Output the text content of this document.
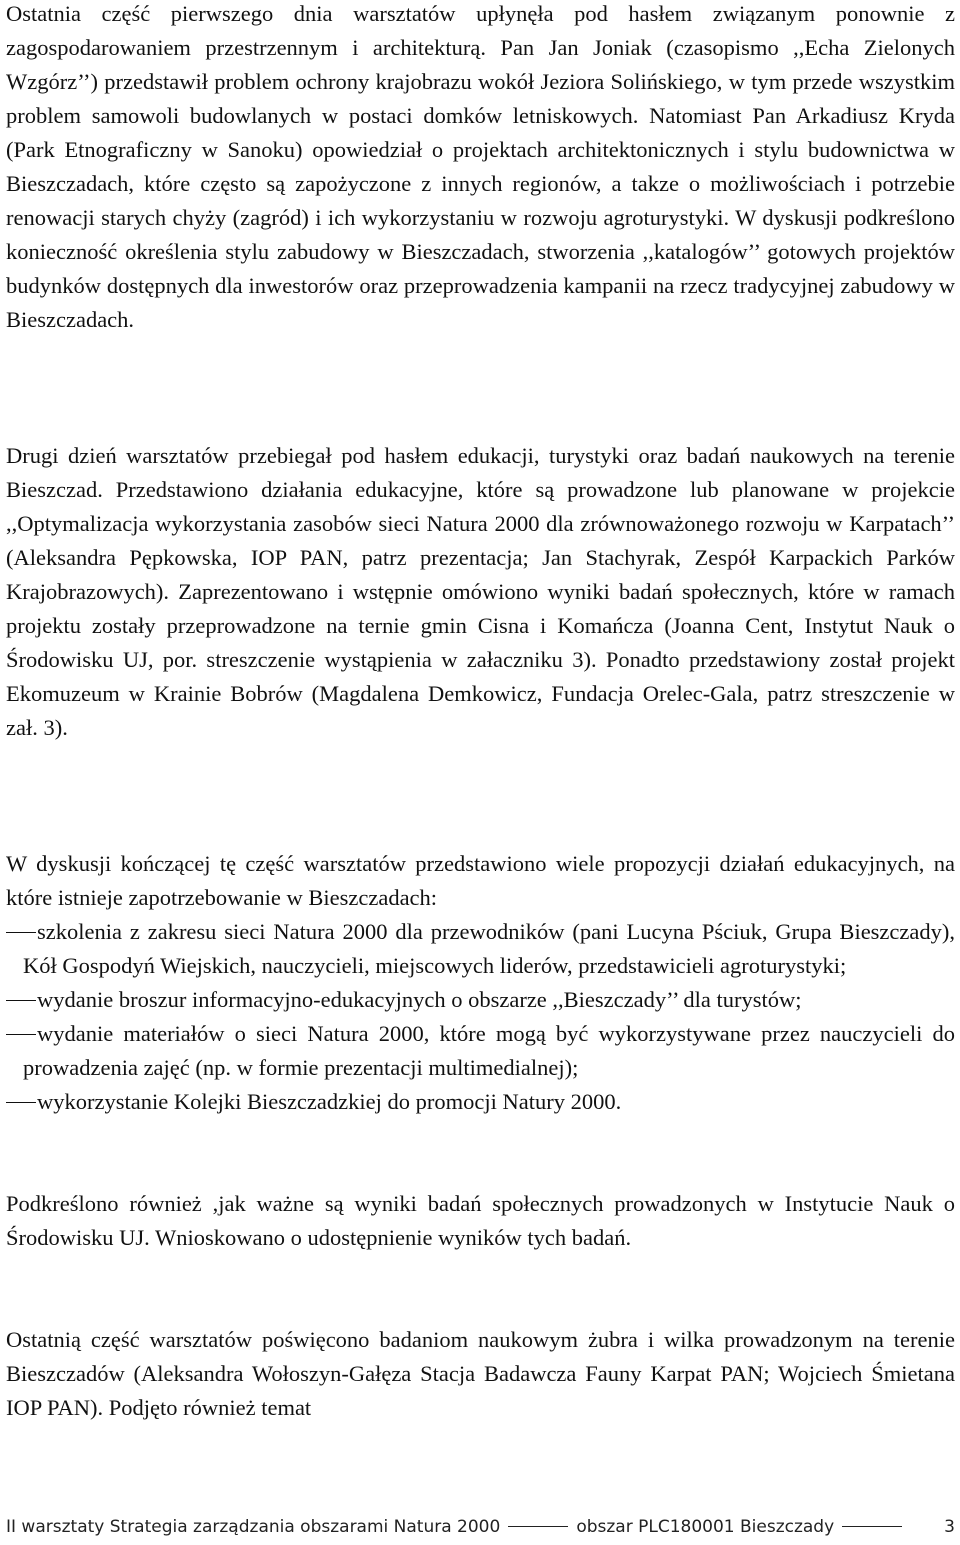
Ostatnia część pierwszego dnia warsztatów upłynęła pod hasłem związanym ponownie z zagospodarowaniem przestrzennym i architekturą. Pan Jan Joniak (czasopismo ,,Echa Zielonych Wzgórz’’) przedstawił problem ochrony krajobrazu wokół Jeziora Solińskiego, w tym przede wszystkim problem samowoli budowlanych w postaci domków letniskowych. Natomiast Pan Arkadiusz Kryda (Park Etnograficzny w Sanoku) opowiedział o projektach architektonicznych i stylu budownictwa w Bieszczadach, które często są zapożyczone z innych regionów, a takze o możliwościach i potrzebie renowacji starych chyży (zagród) i ich wykorzystaniu w rozwoju agroturystyki. W dyskusji podkreślono konieczność określenia stylu zabudowy w Bieszczadach, stworzenia ,,katalogów’’ gotowych projektów budynków dostępnych dla inwestorów oraz przeprowadzenia kampanii na rzecz tradycyjnej zabudowy w Bieszczadach.

Drugi dzień warsztatów przebiegał pod hasłem edukacji, turystyki oraz badań naukowych na terenie Bieszczad. Przedstawiono działania edukacyjne, które są prowadzone lub planowane w projekcie ,,Optymalizacja wykorzystania zasobów sieci Natura 2000 dla zrównoważonego rozwoju w Karpatach’’ (Aleksandra Pępkowska, IOP PAN, patrz prezentacja; Jan Stachyrak, Zespół Karpackich Parków Krajobrazowych). Zaprezentowano i wstępnie omówiono wyniki badań społecznych, które w ramach projektu zostały przeprowadzone na ternie gmin Cisna i Komańcza (Joanna Cent, Instytut Nauk o Środowisku UJ, por. streszczenie wystąpienia w załaczniku 3). Ponadto przedstawiony został projekt Ekomuzeum w Krainie Bobrów (Magdalena Demkowicz, Fundacja Orelec-Gala, patrz streszczenie w zał. 3).

W dyskusji kończącej tę część warsztatów przedstawiono wiele propozycji działań edukacyjnych, na które istnieje zapotrzebowanie w Bieszczadach:

szkolenia z zakresu sieci Natura 2000 dla przewodników (pani Lucyna Pściuk, Grupa Bieszczady), Kół Gospodyń Wiejskich, nauczycieli, miejscowych liderów, przedstawicieli agroturystyki;
wydanie broszur informacyjno-edukacyjnych o obszarze ,,Bieszczady’’ dla turystów;
wydanie materiałów o sieci Natura 2000, które mogą być wykorzystywane przez nauczycieli do prowadzenia zajęć (np. w formie prezentacji multimedialnej);
wykorzystanie Kolejki Bieszczadzkiej do promocji Natury 2000.

Podkreślono również ,jak ważne są wyniki badań społecznych prowadzonych w Instytucie Nauk o Środowisku UJ. Wnioskowano o udostępnienie wyników tych badań.

Ostatnią część warsztatów poświęcono badaniom naukowym żubra i wilka prowadzonym na terenie Bieszczadów (Aleksandra Wołoszyn-Gałęza Stacja Badawcza Fauny Karpat PAN; Wojciech Śmietana IOP PAN). Podjęto również temat

II warsztaty Strategia zarządzania obszarami Natura 2000	obszar PLC180001 Bieszczady	3
